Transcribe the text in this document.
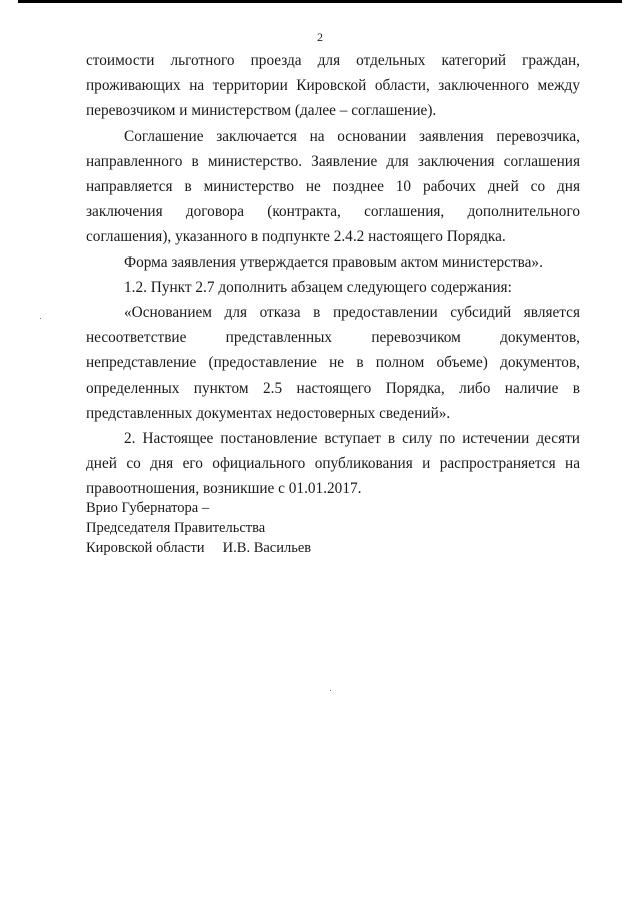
2

стоимости льготного проезда для отдельных категорий граждан, проживающих на территории Кировской области, заключенного между перевозчиком и министерством (далее – соглашение).

Соглашение заключается на основании заявления перевозчика, направленного в министерство. Заявление для заключения соглашения направляется в министерство не позднее 10 рабочих дней со дня заключения договора (контракта, соглашения, дополнительного соглашения), указанного в подпункте 2.4.2 настоящего Порядка.

Форма заявления утверждается правовым актом министерства».

1.2. Пункт 2.7 дополнить абзацем следующего содержания:

«Основанием для отказа в предоставлении субсидий является несоответствие представленных перевозчиком документов, непредставление (предоставление не в полном объеме) документов, определенных пунктом 2.5 настоящего Порядка, либо наличие в представленных документах недостоверных сведений».

2. Настоящее постановление вступает в силу по истечении десяти дней со дня его официального опубликования и распространяется на правоотношения, возникшие с 01.01.2017.

Врио Губернатора –
Председателя Правительства
Кировской области И.В. Васильев
